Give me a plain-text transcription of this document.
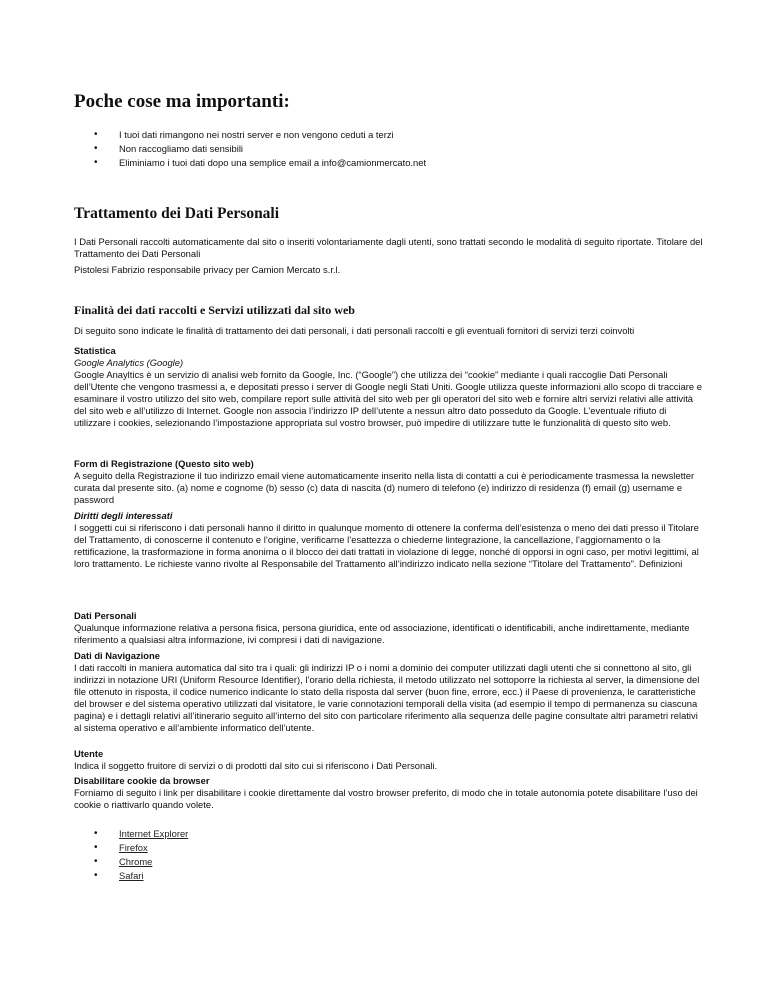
Poche cose ma importanti:
• I tuoi dati rimangono nei nostri server e non vengono ceduti a terzi
• Non raccogliamo dati sensibili
• Eliminiamo i tuoi dati dopo una semplice email a info@camionmercato.net
Trattamento dei Dati Personali

I Dati Personali raccolti automaticamente dal sito o inseriti volontariamente dagli utenti, sono trattati secondo le modalità di seguito riportate. Titolare del Trattamento dei Dati Personali

Pistolesi Fabrizio responsabile privacy per Camion Mercato s.r.l.

Finalità dei dati raccolti e Servizi utilizzati dal sito web

Di seguito sono indicate le finalità di trattamento dei dati personali, i dati personali raccolti e gli eventuali fornitori di servizi terzi coinvolti

Statistica
Google Analytics (Google)

Google Anayltics è un servizio di analisi web fornito da Google, Inc. (“Google”) che utilizza dei “cookie” mediante i quali raccoglie Dati Personali dell’Utente che vengono trasmessi a, e depositati presso i server di Google negli Stati Uniti. Google utilizza queste informazioni allo scopo di tracciare e esaminare il vostro utilizzo del sito web, compilare report sulle attività del sito web per gli operatori del sito web e fornire altri servizi relativi alle attività del sito web e all’utilizzo di Internet. Google non associa l’indirizzo IP dell’utente a nessun altro dato posseduto da Google. L’eventuale rifiuto di utilizzare i cookies, selezionando l’impostazione appropriata sul vostro browser, può impedire di utilizzare tutte le funzionalità di questo sito web.

Form di Registrazione (Questo sito web)

A seguito della Registrazione il tuo indirizzo email viene automaticamente inserito nella lista di contatti a cui è periodicamente trasmessa la newsletter curata dal presente sito. (a) nome e cognome (b) sesso (c) data di nascita (d) numero di telefono (e) indirizzo di residenza (f) email (g) username e password

Diritti degli interessati

I soggetti cui si riferiscono i dati personali hanno il diritto in qualunque momento di ottenere la conferma dell’esistenza o meno dei dati presso il Titolare del Trattamento, di conoscerne il contenuto e l’origine, verificarne l’esattezza o chiederne lintegrazione, la cancellazione, l’aggiornamento o la rettificazione, la trasformazione in forma anonima o il blocco dei dati trattati in violazione di legge, nonché di opporsi in ogni caso, per motivi legittimi, al loro trattamento. Le richieste vanno rivolte al Responsabile del Trattamento all’indirizzo indicato nella sezione “Titolare del Trattamento”. Definizioni

Dati Personali

Qualunque informazione relativa a persona fisica, persona giuridica, ente od associazione, identificati o identificabili, anche indirettamente, mediante riferimento a qualsiasi altra informazione, ivi compresi i dati di navigazione.

Dati di Navigazione

I dati raccolti in maniera automatica dal sito tra i quali: gli indirizzi IP o i nomi a dominio dei computer utilizzati dagli utenti che si connettono al sito, gli indirizzi in notazione URI (Uniform Resource Identifier), l’orario della richiesta, il metodo utilizzato nel sottoporre la richiesta al server, la dimensione del file ottenuto in risposta, il codice numerico indicante lo stato della risposta dal server (buon fine, errore, ecc.) il Paese di provenienza, le caratteristiche del browser e del sistema operativo utilizzati dal visitatore, le varie connotazioni temporali della visita (ad esempio il tempo di permanenza su ciascuna pagina) e i dettagli relativi all’itinerario seguito all’interno del sito con particolare riferimento alla sequenza delle pagine consultate altri parametri relativi al sistema operativo e all’ambiente informatico dell’utente.

Utente

Indica il soggetto fruitore di servizi o di prodotti dal sito cui si riferiscono i Dati Personali.

Disabilitare cookie da browser

Forniamo di seguito i link per disabilitare i cookie direttamente dal vostro browser preferito, di modo che in totale autonomia potete disabilitare l’uso dei cookie o riattivarlo quando volete.

• Internet Explorer
• Firefox
• Chrome
• Safari
